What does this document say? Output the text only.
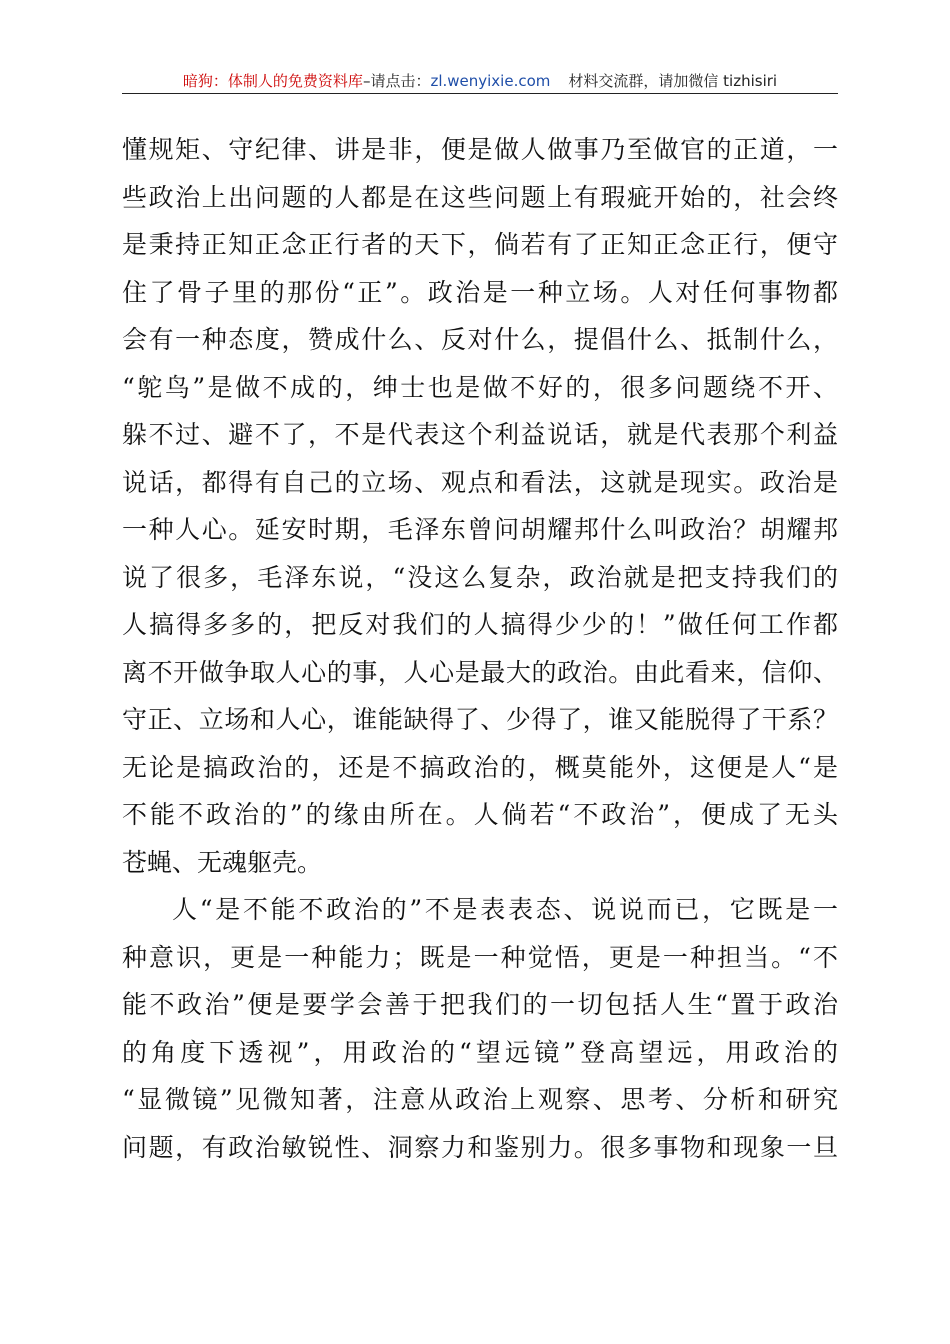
暗狗：体制人的免费资料库–请点击：zl.wenyixie.com 材料交流群，请加微信 tizhisiri
懂规矩、守纪律、讲是非，便是做人做事乃至做官的正道，一
些政治上出问题的人都是在这些问题上有瑕疵开始的，社会终
是秉持正知正念正行者的天下，倘若有了正知正念正行，便守
住了骨子里的那份“正”。政治是一种立场。人对任何事物都
会有一种态度，赞成什么、反对什么，提倡什么、抵制什么，
“鸵鸟”是做不成的，绅士也是做不好的，很多问题绕不开、
躲不过、避不了，不是代表这个利益说话，就是代表那个利益
说话，都得有自己的立场、观点和看法，这就是现实。政治是
一种人心。延安时期，毛泽东曾问胡耀邦什么叫政治？胡耀邦
说了很多，毛泽东说，“没这么复杂，政治就是把支持我们的
人搞得多多的，把反对我们的人搞得少少的！”做任何工作都
离不开做争取人心的事，人心是最大的政治。由此看来，信仰、
守正、立场和人心，谁能缺得了、少得了，谁又能脱得了干系？
无论是搞政治的，还是不搞政治的，概莫能外，这便是人“是
不能不政治的”的缘由所在。人倘若“不政治”，便成了无头
苍蝇、无魂躯壳。
人“是不能不政治的”不是表表态、说说而已，它既是一
种意识，更是一种能力；既是一种觉悟，更是一种担当。“不
能不政治”便是要学会善于把我们的一切包括人生“置于政治
的角度下透视”，用政治的“望远镜”登高望远，用政治的
“显微镜”见微知著，注意从政治上观察、思考、分析和研究
问题，有政治敏锐性、洞察力和鉴别力。很多事物和现象一旦
